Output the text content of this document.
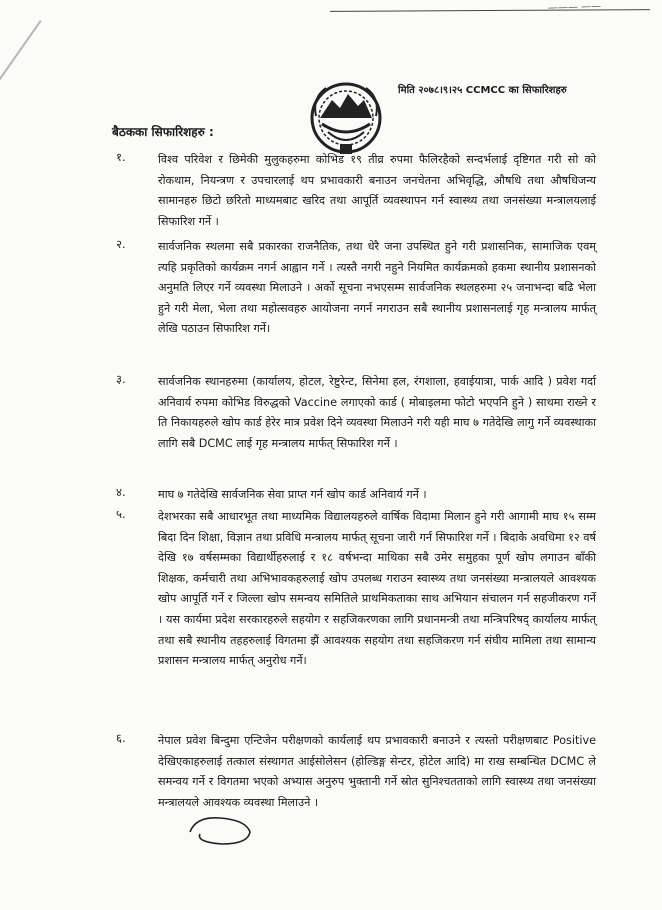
——— ——
मिति २०७८।९।२५ CCMCC का सिफारिशहरु
बैठकका सिफारिशहरु :
१.	विश्व परिवेश र छिमेकी मुलुकहरुमा कोभिड १९ तीव्र रुपमा फैलिरहैको सन्दर्भलाई दृष्टिगत गरी सो को रोकथाम, नियन्त्रण र उपचारलाई थप प्रभावकारी बनाउन जनचेतना अभिवृद्धि, औषधि तथा औषधिजन्य सामानहरु छिटो छरितो माध्यमबाट खरिद तथा आपूर्ति व्यवस्थापन गर्न स्वास्थ्य तथा जनसंख्या मन्त्रालयलाई सिफारिश गर्ने ।
२.	सार्वजनिक स्थलमा सबै प्रकारका राजनैतिक, तथा धेरै जना उपस्थित हुने गरी प्रशासनिक, सामाजिक एवम् त्यहि प्रकृतिको कार्यक्रम नगर्न आह्वान गर्ने । त्यस्तै नगरी नहुने नियमित कार्यक्रमको हकमा स्थानीय प्रशासनको अनुमति लिएर गर्ने व्यवस्था मिलाउने । अर्को सूचना नभएसम्म सार्वजनिक स्थलहरुमा २५ जनाभन्दा बढि भेला हुने गरी मेला, भेला तथा महोत्सवहरु आयोजना नगर्न नगराउन सबै स्थानीय प्रशासनलाई गृह मन्त्रालय मार्फत् लेखि पठाउन सिफारिश गर्ने।
३.	सार्वजनिक स्थानहरुमा (कार्यालय, होटल, रेष्टुरेन्ट, सिनेमा हल, रंगशाला, हवाईयात्रा, पार्क आदि ) प्रवेश गर्दा अनिवार्य रुपमा कोभिड विरुद्धको Vaccine लगाएको कार्ड ( मोबाइलमा फोटो भएपनि हुने ) साथमा राख्ने र ति निकायहरुले खोप कार्ड हेरेर मात्र प्रवेश दिने व्यवस्था मिलाउने गरी यही माघ ७ गतेदेखि लागु गर्ने व्यवस्थाका लागि सबै DCMC लाई गृह मन्त्रालय मार्फत् सिफारिश गर्ने ।
४.	माघ ७ गतेदेखि सार्वजनिक सेवा प्राप्त गर्न खोप कार्ड अनिवार्य गर्ने ।
५.	देशभरका सबै आधारभूत तथा माध्यमिक विद्यालयहरुले वार्षिक विदामा मिलान हुने गरी आगामी माघ १५ सम्म बिदा दिन शिक्षा, विज्ञान तथा प्रविधि मन्त्रालय मार्फत् सूचना जारी गर्न सिफारिश गर्ने । बिदाके अवधिमा १२ वर्ष देखि १७ वर्षसम्मका विद्यार्थीहरुलाई र १८ वर्षभन्दा माथिका सबै उमेर समुहका पूर्ण खोप लगाउन बाँकी शिक्षक, कर्मचारी तथा अभिभावकहरुलाई खोप उपलब्ध गराउन स्वास्थ्य तथा जनसंख्या मन्त्रालयले आवश्यक खोप आपूर्ति गर्ने र जिल्ला खोप समन्वय समितिले प्राथमिकताका साथ अभियान संचालन गर्न सहजीकरण गर्ने । यस कार्यमा प्रदेश सरकारहरुले सहयोग र सहजिकरणका लागि प्रधानमन्त्री तथा मन्त्रिपरिषद् कार्यालय मार्फत् तथा सबै स्थानीय तहहरुलाई विगतमा झैं आवश्यक सहयोग तथा सहजिकरण गर्न संघीय मामिला तथा सामान्य प्रशासन मन्त्रालय मार्फत् अनुरोध गर्ने।
६.	नेपाल प्रवेश बिन्दुमा एन्टिजेन परीक्षणको कार्यलाई थप प्रभावकारी बनाउने र त्यस्तो परीक्षणबाट Positive देखिएकाहरुलाई तत्काल संस्थागत आईसोलेसन (होल्डिङ्ग सेन्टर, होटेल आदि) मा राख सम्बन्धित DCMC ले समन्वय गर्ने र विगतमा भएको अभ्यास अनुरुप भुक्तानी गर्ने स्रोत सुनिश्चतताको लागि स्वास्थ्य तथा जनसंख्या मन्त्रालयले आवश्यक व्यवस्था मिलाउने ।
